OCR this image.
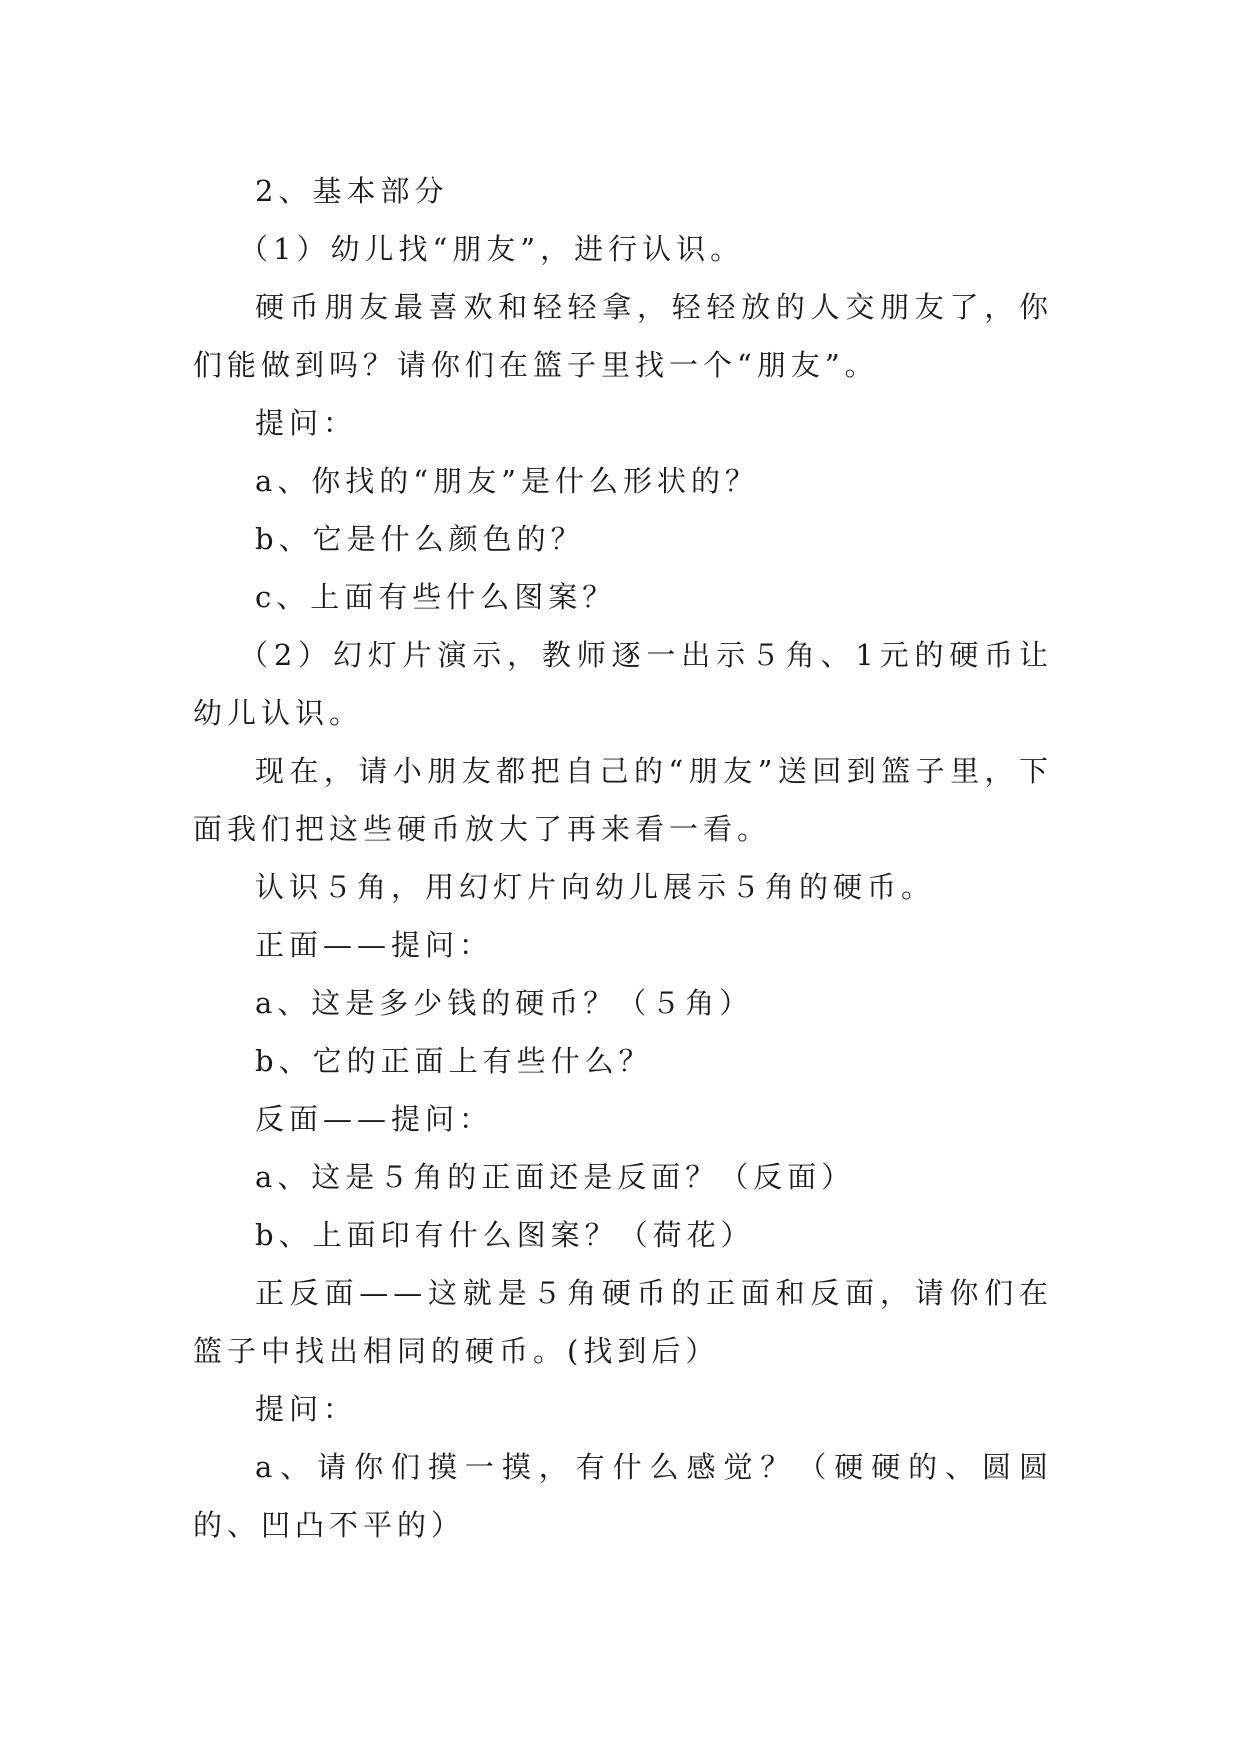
2、基本部分

（1）幼儿找“朋友”，进行认识。

硬币朋友最喜欢和轻轻拿，轻轻放的人交朋友了，你们能做到吗？请你们在篮子里找一个“朋友”。

提问：

a、你找的“朋友”是什么形状的？

b、它是什么颜色的？

c、上面有些什么图案？

（2）幻灯片演示，教师逐一出示５角、1元的硬币让幼儿认识。

现在，请小朋友都把自己的“朋友”送回到篮子里，下面我们把这些硬币放大了再来看一看。

认识５角，用幻灯片向幼儿展示５角的硬币。

正面——提问：

a、这是多少钱的硬币？（５角）

b、它的正面上有些什么？

反面——提问：

a、这是５角的正面还是反面？（反面）

b、上面印有什么图案？（荷花）

正反面——这就是５角硬币的正面和反面，请你们在篮子中找出相同的硬币。(找到后）

提问：

a、请你们摸一摸，有什么感觉？（硬硬的、圆圆的、凹凸不平的）
